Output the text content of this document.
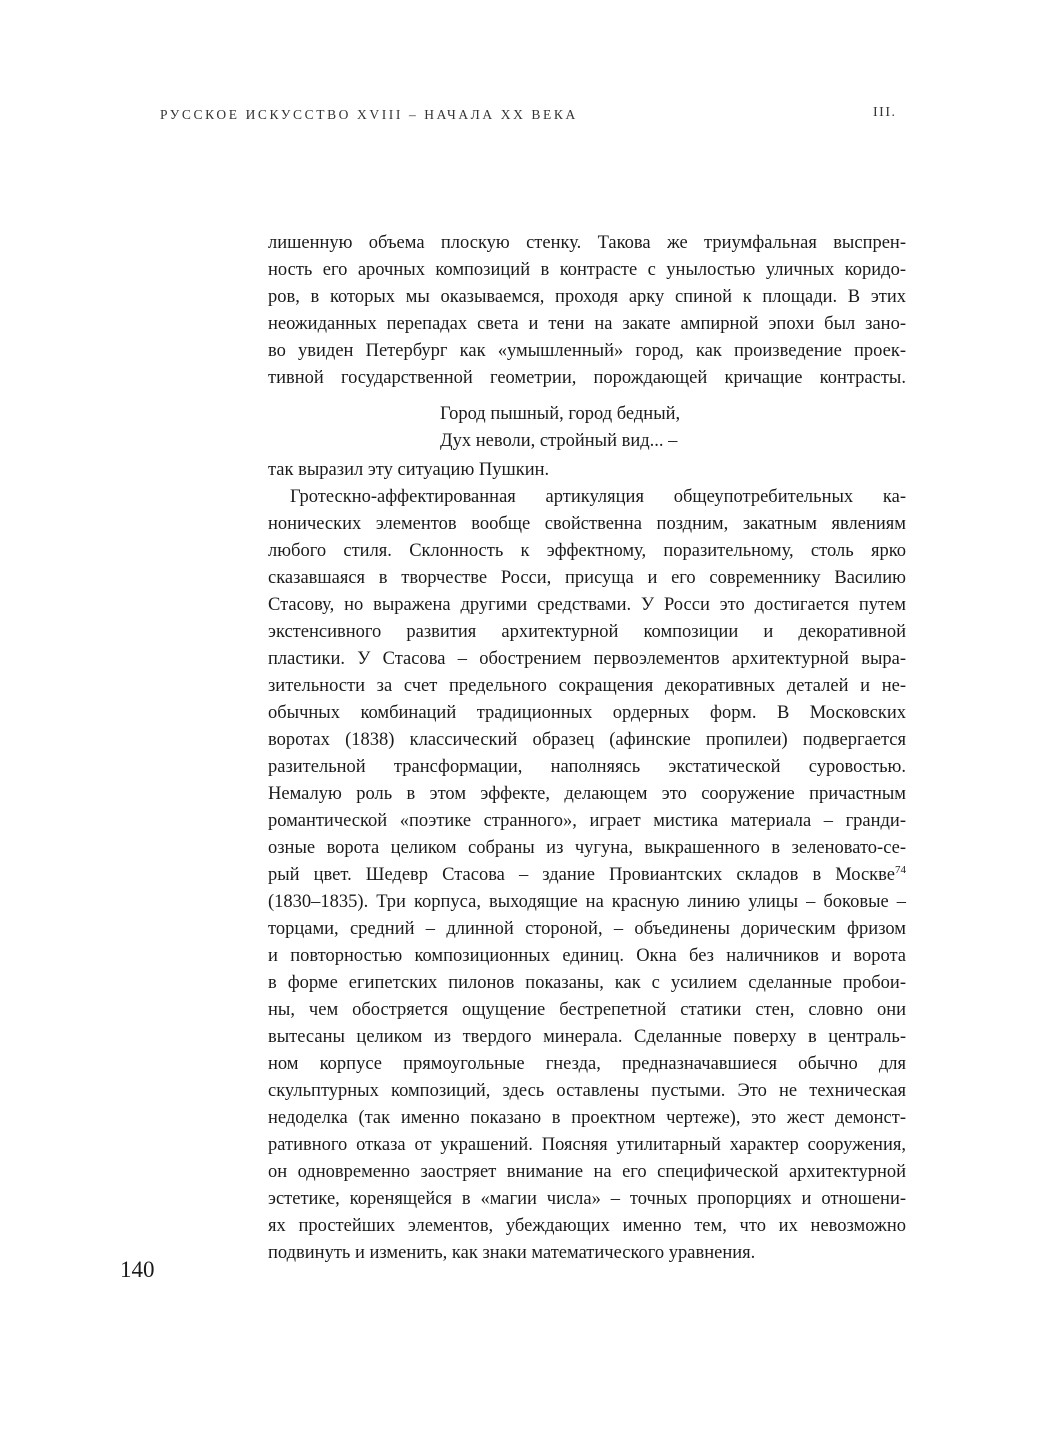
РУССКОЕ ИСКУССТВО XVIII – НАЧАЛА XX ВЕКА	III.
лишенную объема плоскую стенку. Такова же триумфальная выспрен-
ность его арочных композиций в контрасте с унылостью уличных коридо-
ров, в которых мы оказываемся, проходя арку спиной к площади. В этих
неожиданных перепадах света и тени на закате ампирной эпохи был зано-
во увиден Петербург как «умышленный» город, как произведение проек-
тивной государственной геометрии, порождающей кричащие контрасты.
Город пышный, город бедный,
Дух неволи, стройный вид... –
так выразил эту ситуацию Пушкин.
Гротескно-аффектированная артикуляция общеупотребительных ка-
нонических элементов вообще свойственна поздним, закатным явлениям
любого стиля. Склонность к эффектному, поразительному, столь ярко
сказавшаяся в творчестве Росси, присуща и его современнику Василию
Стасову, но выражена другими средствами. У Росси это достигается путем
экстенсивного развития архитектурной композиции и декоративной
пластики. У Стасова – обострением первоэлементов архитектурной выра-
зительности за счет предельного сокращения декоративных деталей и не-
обычных комбинаций традиционных ордерных форм. В Московских
воротах (1838) классический образец (афинские пропилеи) подвергается
разительной трансформации, наполняясь экстатической суровостью.
Немалую роль в этом эффекте, делающем это сооружение причастным
романтической «поэтике странного», играет мистика материала – гранди-
озные ворота целиком собраны из чугуна, выкрашенного в зеленовато-се-
рый цвет. Шедевр Стасова – здание Провиантских складов в Москве$^{74}$
(1830–1835). Три корпуса, выходящие на красную линию улицы – боковые –
торцами, средний – длинной стороной, – объединены дорическим фризом
и повторностью композиционных единиц. Окна без наличников и ворота
в форме египетских пилонов показаны, как с усилием сделанные пробои-
ны, чем обостряется ощущение бестрепетной статики стен, словно они
вытесаны целиком из твердого минерала. Сделанные поверху в централь-
ном корпусе прямоугольные гнезда, предназначавшиеся обычно для
скульптурных композиций, здесь оставлены пустыми. Это не техническая
недоделка (так именно показано в проектном чертеже), это жест демонст-
ративного отказа от украшений. Поясняя утилитарный характер сооружения,
он одновременно заостряет внимание на его специфической архитектурной
эстетике, коренящейся в «магии числа» – точных пропорциях и отношени-
ях простейших элементов, убеждающих именно тем, что их невозможно
подвинуть и изменить, как знаки математического уравнения.
140
